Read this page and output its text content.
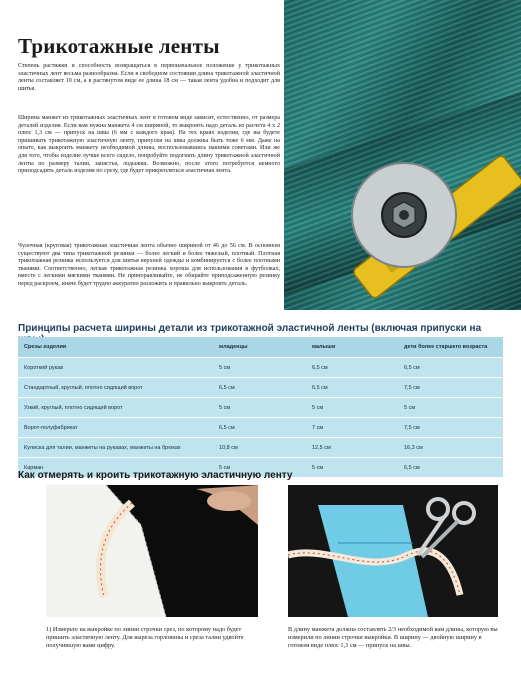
Трикотажные ленты

Степень растяжки и способность возвращаться в первоначальное положение у трикотажных эластичных лент весьма разнообразна. Если в свободном состоянии длина трикотажной эластичной ленты составляет 10 см, а в растянутом виде ее длина 18 см — такая лента удобна и подходит для шитья.

Ширина манжет из трикотажных эластичных лент в готовом виде зависит, естественно, от размера деталей изделия. Если вам нужна манжета 4 см шириной, то выкроить надо деталь из расчета 4 х 2 плюс 1,3 см — припуск на швы (6 мм с каждого края). На тех краях изделия, где вы будете пришивать трикотажную эластичную ленту, припуски на швы должны быть тоже 6 мм. Даже на опыте, как выкроить манжету необходимой длины, воспользовавшись нашими советами. Или же для того, чтобы изделие лучше всего сидело, попробуйте подогнать длину трикотажной эластичной ленты по размеру талии, запястья, лодыжки. Возможно, после этого потребуется немного приподсадить деталь изделия по срезу, где будет прикрепляться эластичная лента.

Чулочная (круговая) трикотажная эластичная лента обычно шириной от 46 до 56 см. В основном существуют два типа трикотажной резинки — более легкий и более тяжелый, плотный. Плотная трикотажная резинка используется для шитья верхней одежды и комбинируется с более плотными тканями. Соответственно, легкая трикотажная резинка хороша для использования в футболках, вместе с легкими мягкими тканями. Не приноравливайте, не обирайте приподсаженную резинку перед раскроем, иначе будет трудно аккуратно разложить и правильно выкроить деталь.

Принципы расчета ширины детали из трикотажной эластичной ленты (включая припуски на
Срезы изделия	младенцы	малыши	дети более старшего возраста
Короткий рукав	5 см	6,5 см	6,5 см
Стандартный, круглый, плотно сидящий ворот	6,5 см	6,5 см	7,5 см
Узкий, круглый, плотно сидящий ворот	5 см	5 см	5 см
Ворот-полуфабрикат	6,5 см	7 см	7,5 см
Кулиска для талии, манжеты на рукавах, манжеты на брюках	10,8 см	12,5 см	16,3 см
Карман	5 см	5 см	6,5 см
Как отмерять и кроить трикотажную эластичную ленту
1) Измерьте на выкройке по линии строчки срез, по которому надо будет пришить эластичную ленту. Для выреза горловины и среза талии удвойте получившую вами цифру.
В длину манжета должна составлять 2/3 необходимой вам длины, которую вы измерили по линии строчки выкройки. В ширину — двойную ширину в готовом виде плюс 1,3 см — припуск на швы.
